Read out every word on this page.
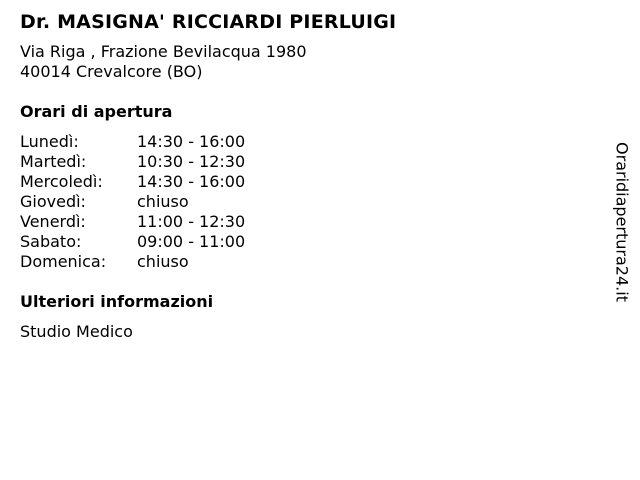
Dr. MASIGNA' RICCIARDI PIERLUIGI
Via Riga , Frazione Bevilacqua 1980
40014 Crevalcore (BO)
Orari di apertura
Lunedì:	14:30 - 16:00
Martedì:	10:30 - 12:30
Mercoledì:	14:30 - 16:00
Giovedì:	chiuso
Venerdì:	11:00 - 12:30
Sabato:	09:00 - 11:00
Domenica:	chiuso
Ulteriori informazioni
Studio Medico
Oraridiapertura24.it
